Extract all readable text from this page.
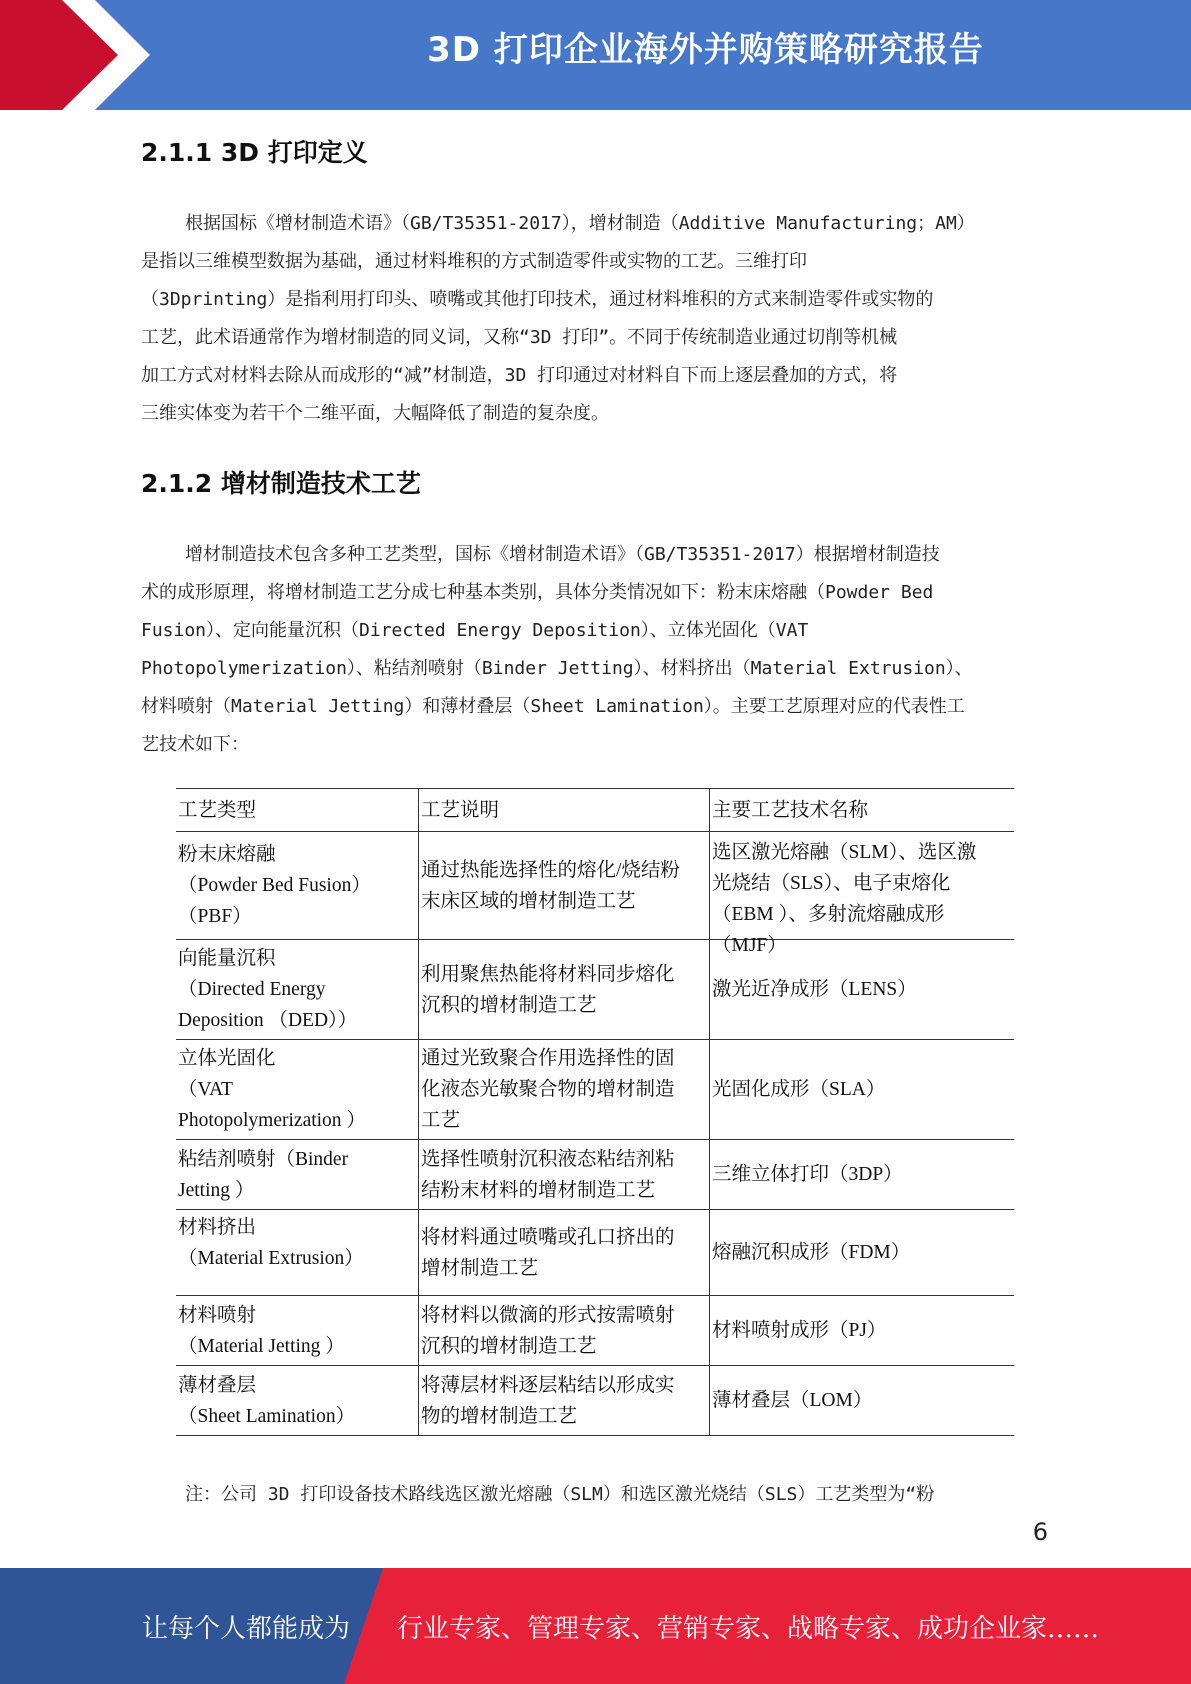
3D 打印企业海外并购策略研究报告
2.1.1 3D 打印定义
根据国标《增材制造术语》（GB/T35351-2017），增材制造（Additive Manufacturing；AM）
是指以三维模型数据为基础，通过材料堆积的方式制造零件或实物的工艺。三维打印
（3Dprinting）是指利用打印头、喷嘴或其他打印技术，通过材料堆积的方式来制造零件或实物的
工艺，此术语通常作为增材制造的同义词，又称“3D 打印”。不同于传统制造业通过切削等机械
加工方式对材料去除从而成形的“减”材制造，3D 打印通过对材料自下而上逐层叠加的方式，将
三维实体变为若干个二维平面，大幅降低了制造的复杂度。
2.1.2 增材制造技术工艺
增材制造技术包含多种工艺类型，国标《增材制造术语》（GB/T35351-2017）根据增材制造技
术的成形原理，将增材制造工艺分成七种基本类别，具体分类情况如下：粉末床熔融（Powder Bed
Fusion）、定向能量沉积（Directed Energy Deposition）、立体光固化（VAT
Photopolymerization）、粘结剂喷射（Binder Jetting）、材料挤出（Material Extrusion）、
材料喷射（Material Jetting）和薄材叠层（Sheet Lamination）。主要工艺原理对应的代表性工
艺技术如下：
工艺类型	工艺说明	主要工艺技术名称

粉末床熔融
（Powder Bed Fusion）
（PBF）	通过热能选择性的熔化/烧结粉
末床区域的增材制造工艺	选区激光熔融（SLM）、选区激
光烧结（SLS）、电子束熔化
（EBM ）、多射流熔融成形
（MJF）

向能量沉积
（Directed Energy
Deposition （DED））	利用聚焦热能将材料同步熔化
沉积的增材制造工艺	激光近净成形（LENS）

立体光固化
（VAT
Photopolymerization ）	通过光致聚合作用选择性的固
化液态光敏聚合物的增材制造
工艺	光固化成形（SLA）

粘结剂喷射（Binder
Jetting ）	选择性喷射沉积液态粘结剂粘
结粉末材料的增材制造工艺	三维立体打印（3DP）

材料挤出
（Material Extrusion）	将材料通过喷嘴或孔口挤出的
增材制造工艺	熔融沉积成形（FDM）

材料喷射
（Material Jetting ）	将材料以微滴的形式按需喷射
沉积的增材制造工艺	材料喷射成形（PJ）

薄材叠层
（Sheet Lamination）	将薄层材料逐层粘结以形成实
物的增材制造工艺	薄材叠层（LOM）
注：公司 3D 打印设备技术路线选区激光熔融（SLM）和选区激光烧结（SLS）工艺类型为“粉
6
让每个人都能成为 行业专家、管理专家、营销专家、战略专家、成功企业家……
